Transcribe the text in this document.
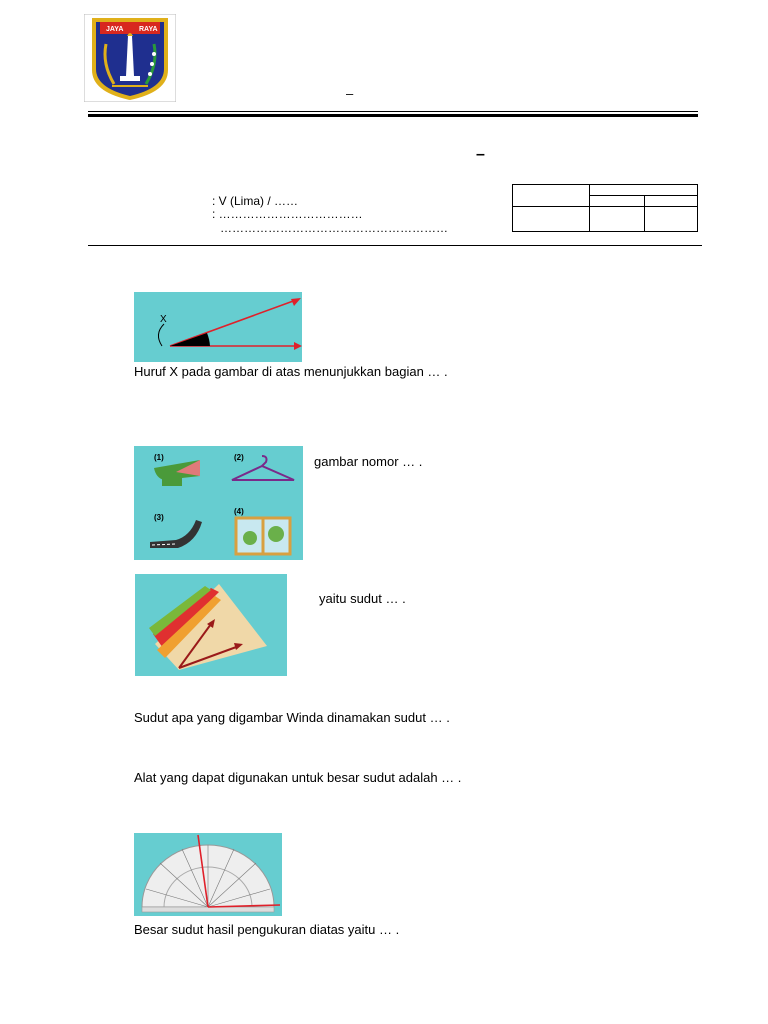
JAYA RAYA
–
–
: V (Lima) / ……
: ………………………………
…………………………………………………

X
Huruf X pada gambar di atas menunjukkan bagian … .
(1)	(2)
(3)
(4)
gambar nomor … .
yaitu sudut … .
Sudut apa yang digambar Winda dinamakan sudut … .
Alat yang dapat digunakan untuk besar sudut adalah … .
Besar sudut hasil pengukuran diatas yaitu … .
